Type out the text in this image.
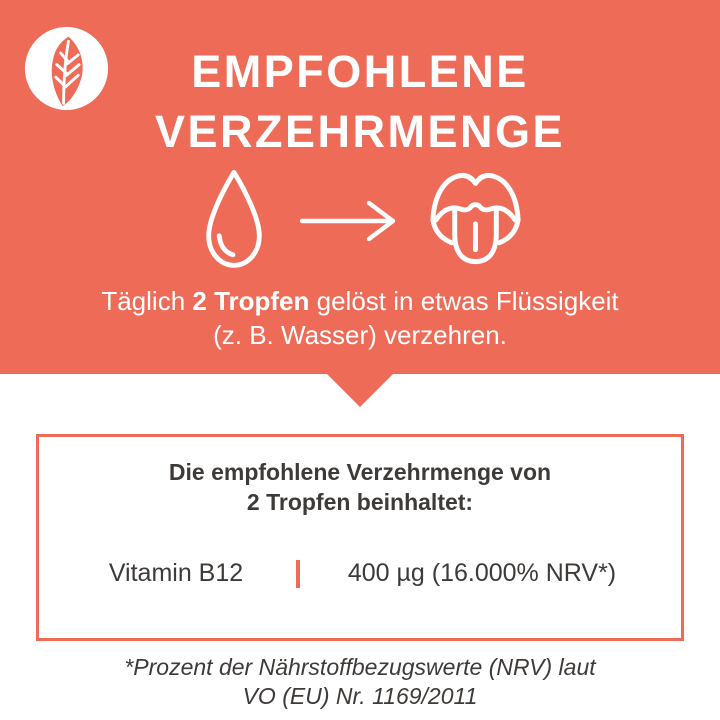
EMPFOHLENE
VERZEHRMENGE
Täglich 2 Tropfen gelöst in etwas Flüssigkeit
(z. B. Wasser) verzehren.
Die empfohlene Verzehrmenge von
2 Tropfen beinhaltet:
Vitamin B12	400 µg (16.000% NRV*)
*Prozent der Nährstoffbezugswerte (NRV) laut
VO (EU) Nr. 1169/2011
